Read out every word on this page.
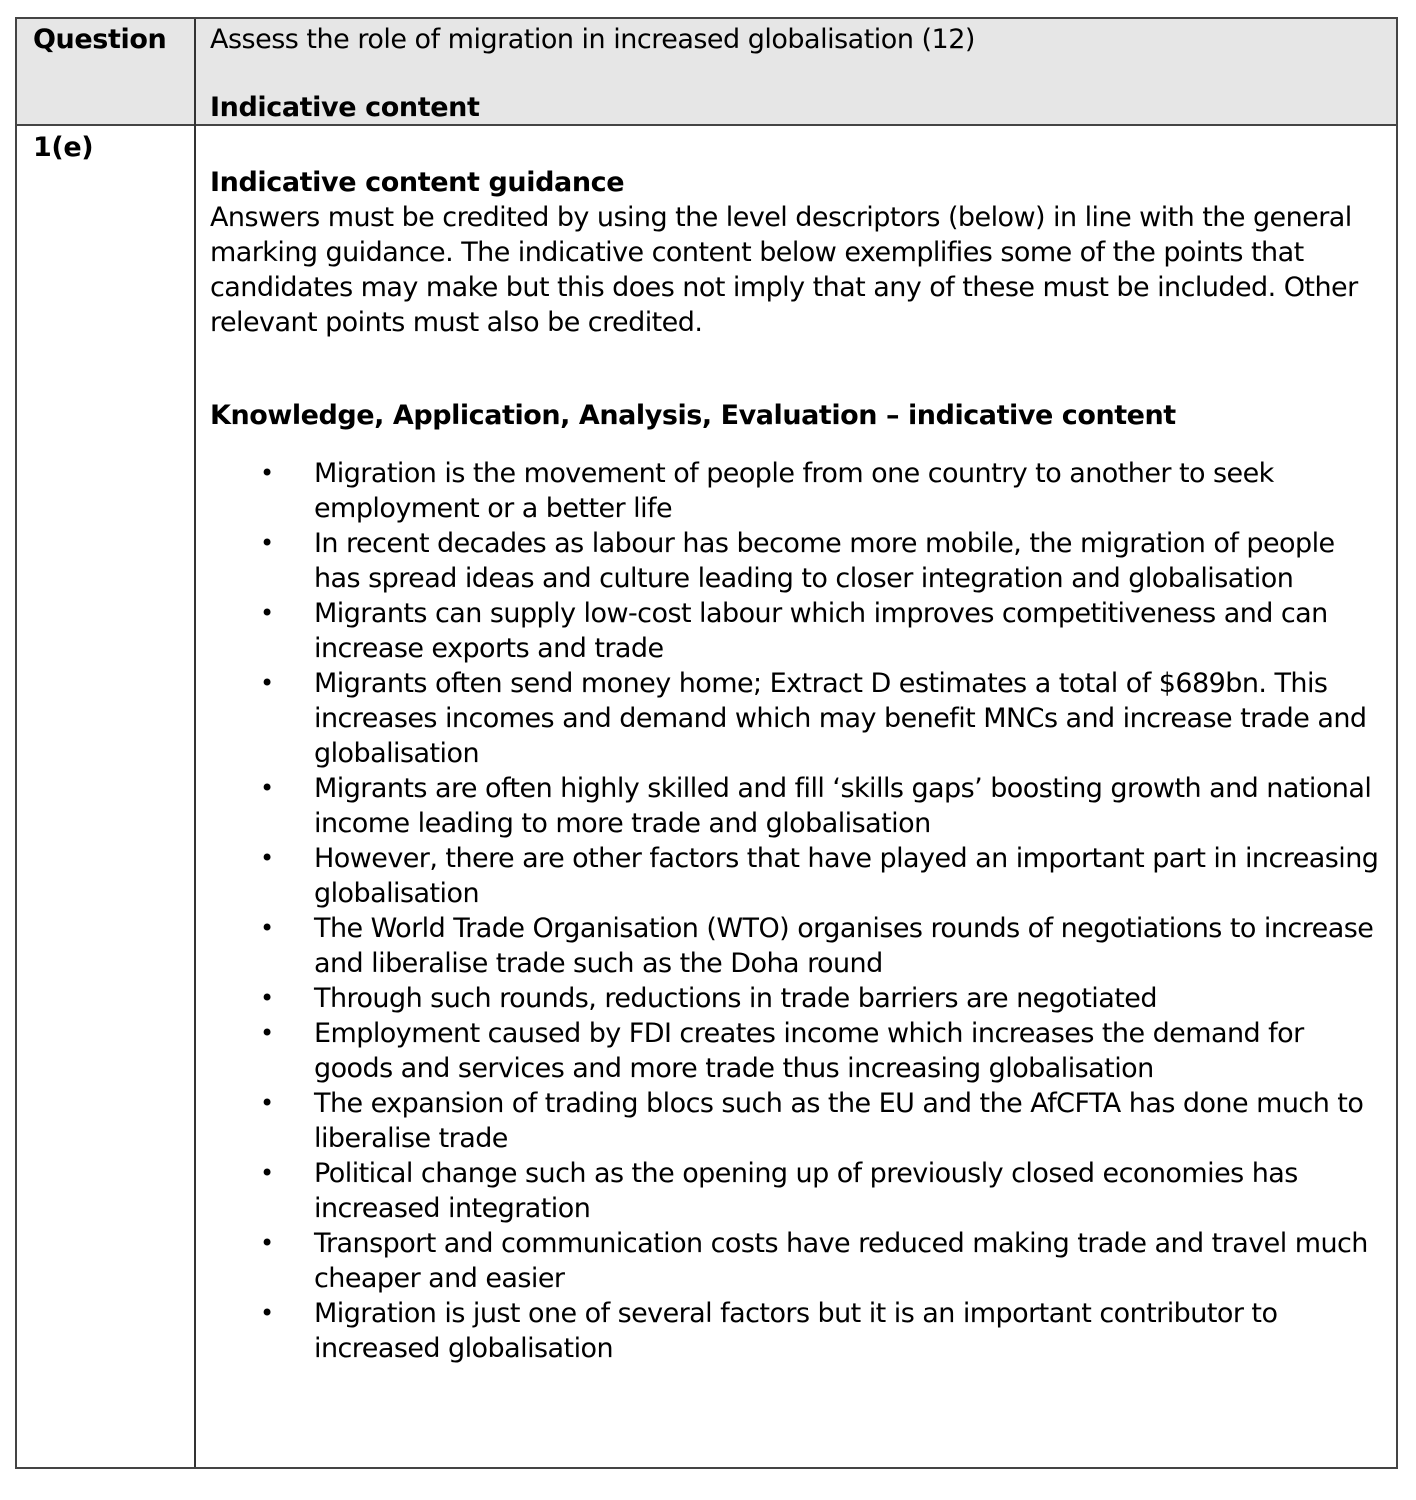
Question Assess the role of migration in increased globalisation (12)
Indicative content
1(e)
Indicative content guidance

Answers must be credited by using the level descriptors (below) in line with the general marking guidance. The indicative content below exemplifies some of the points that candidates may make but this does not imply that any of these must be included. Other relevant points must also be credited.

Knowledge, Application, Analysis, Evaluation – indicative content
• Migration is the movement of people from one country to another to seek employment or a better life
• In recent decades as labour has become more mobile, the migration of people has spread ideas and culture leading to closer integration and globalisation
• Migrants can supply low-cost labour which improves competitiveness and can increase exports and trade
• Migrants often send money home; Extract D estimates a total of $689bn. This increases incomes and demand which may benefit MNCs and increase trade and globalisation
• Migrants are often highly skilled and fill ‘skills gaps’ boosting growth and national income leading to more trade and globalisation
• However, there are other factors that have played an important part in increasing globalisation
• The World Trade Organisation (WTO) organises rounds of negotiations to increase and liberalise trade such as the Doha round
• Through such rounds, reductions in trade barriers are negotiated
• Employment caused by FDI creates income which increases the demand for goods and services and more trade thus increasing globalisation
• The expansion of trading blocs such as the EU and the AfCFTA has done much to liberalise trade
• Political change such as the opening up of previously closed economies has increased integration
• Transport and communication costs have reduced making trade and travel much cheaper and easier
• Migration is just one of several factors but it is an important contributor to increased globalisation
